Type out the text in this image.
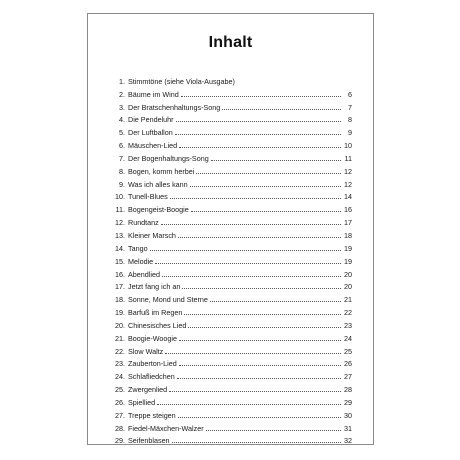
Inhalt
1. Stimmtöne (siehe Viola-Ausgabe)
2. Bäume im Wind	6
3. Der Bratschenhaltungs-Song	7
4. Die Pendeluhr	8
5. Der Luftballon	9
6. Mäuschen-Lied	10
7. Der Bogenhaltungs-Song	11
8. Bogen, komm herbei	12
9. Was ich alles kann	12
10. Tunell-Blues	14
11. Bogengeist-Boogie	16
12. Rundtanz	17
13. Kleiner Marsch	18
14. Tango	19
15. Melodie	19
16. Abendlied	20
17. Jetzt fang ich an	20
18. Sonne, Mond und Sterne	21
19. Barfuß im Regen	22
20. Chinesisches Lied	23
21. Boogie-Woogie	24
22. Slow Waltz	25
23. Zauberton-Lied	26
24. Schlafliedchen	27
25. Zwergenlied	28
26. Spiellied	29
27. Treppe steigen	30
28. Fiedel-Mäxchen-Walzer	31
29. Seifenblasen	32
